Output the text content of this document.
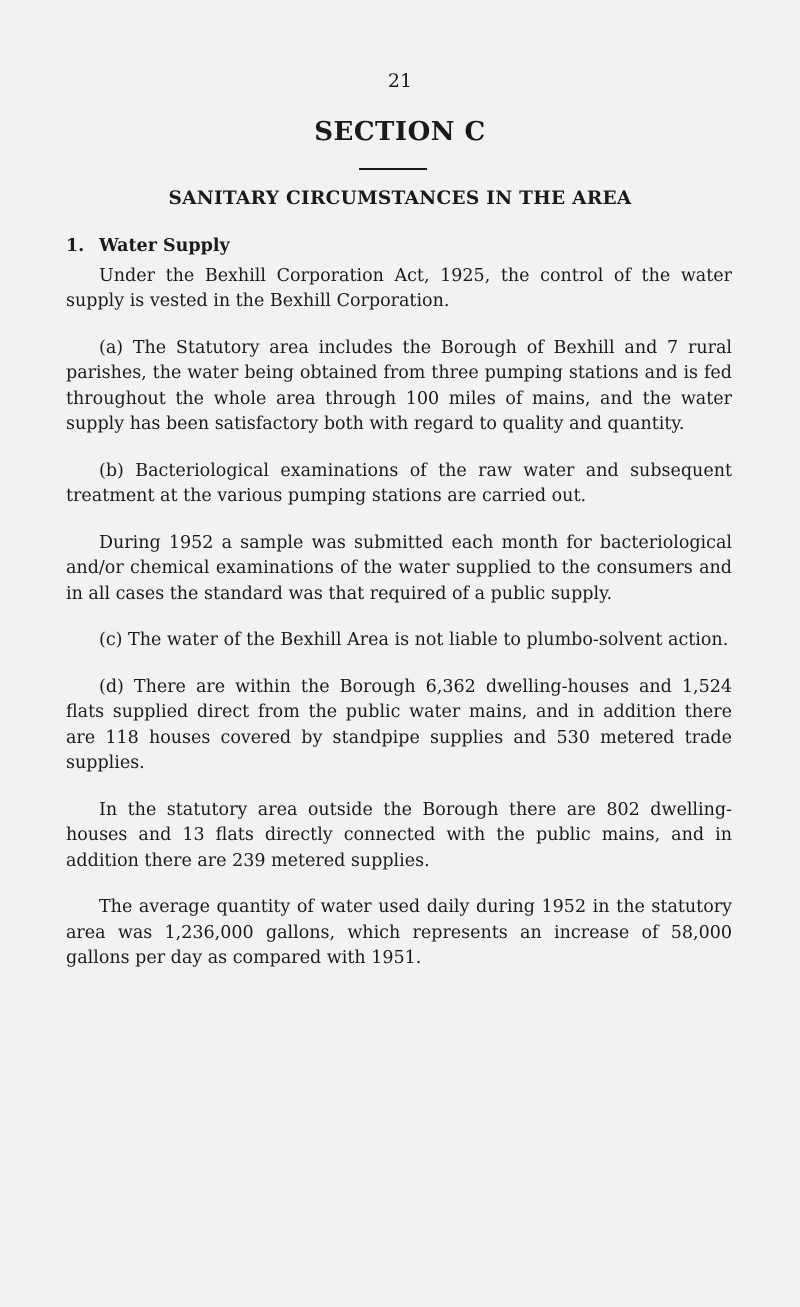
21
SECTION C
SANITARY CIRCUMSTANCES IN THE AREA
1. Water Supply

Under the Bexhill Corporation Act, 1925, the control of the water supply is vested in the Bexhill Corporation.

(a) The Statutory area includes the Borough of Bexhill and 7 rural parishes, the water being obtained from three pumping stations and is fed throughout the whole area through 100 miles of mains, and the water supply has been satisfactory both with regard to quality and quantity.

(b) Bacteriological examinations of the raw water and subsequent treatment at the various pumping stations are carried out.

During 1952 a sample was submitted each month for bacteriological and/or chemical examinations of the water supplied to the consumers and in all cases the standard was that required of a public supply.

(c) The water of the Bexhill Area is not liable to plumbo-solvent action.

(d) There are within the Borough 6,362 dwelling-houses and 1,524 flats supplied direct from the public water mains, and in addition there are 118 houses covered by standpipe supplies and 530 metered trade supplies.

In the statutory area outside the Borough there are 802 dwelling-houses and 13 flats directly connected with the public mains, and in addition there are 239 metered supplies.

The average quantity of water used daily during 1952 in the statutory area was 1,236,000 gallons, which represents an increase of 58,000 gallons per day as compared with 1951.
